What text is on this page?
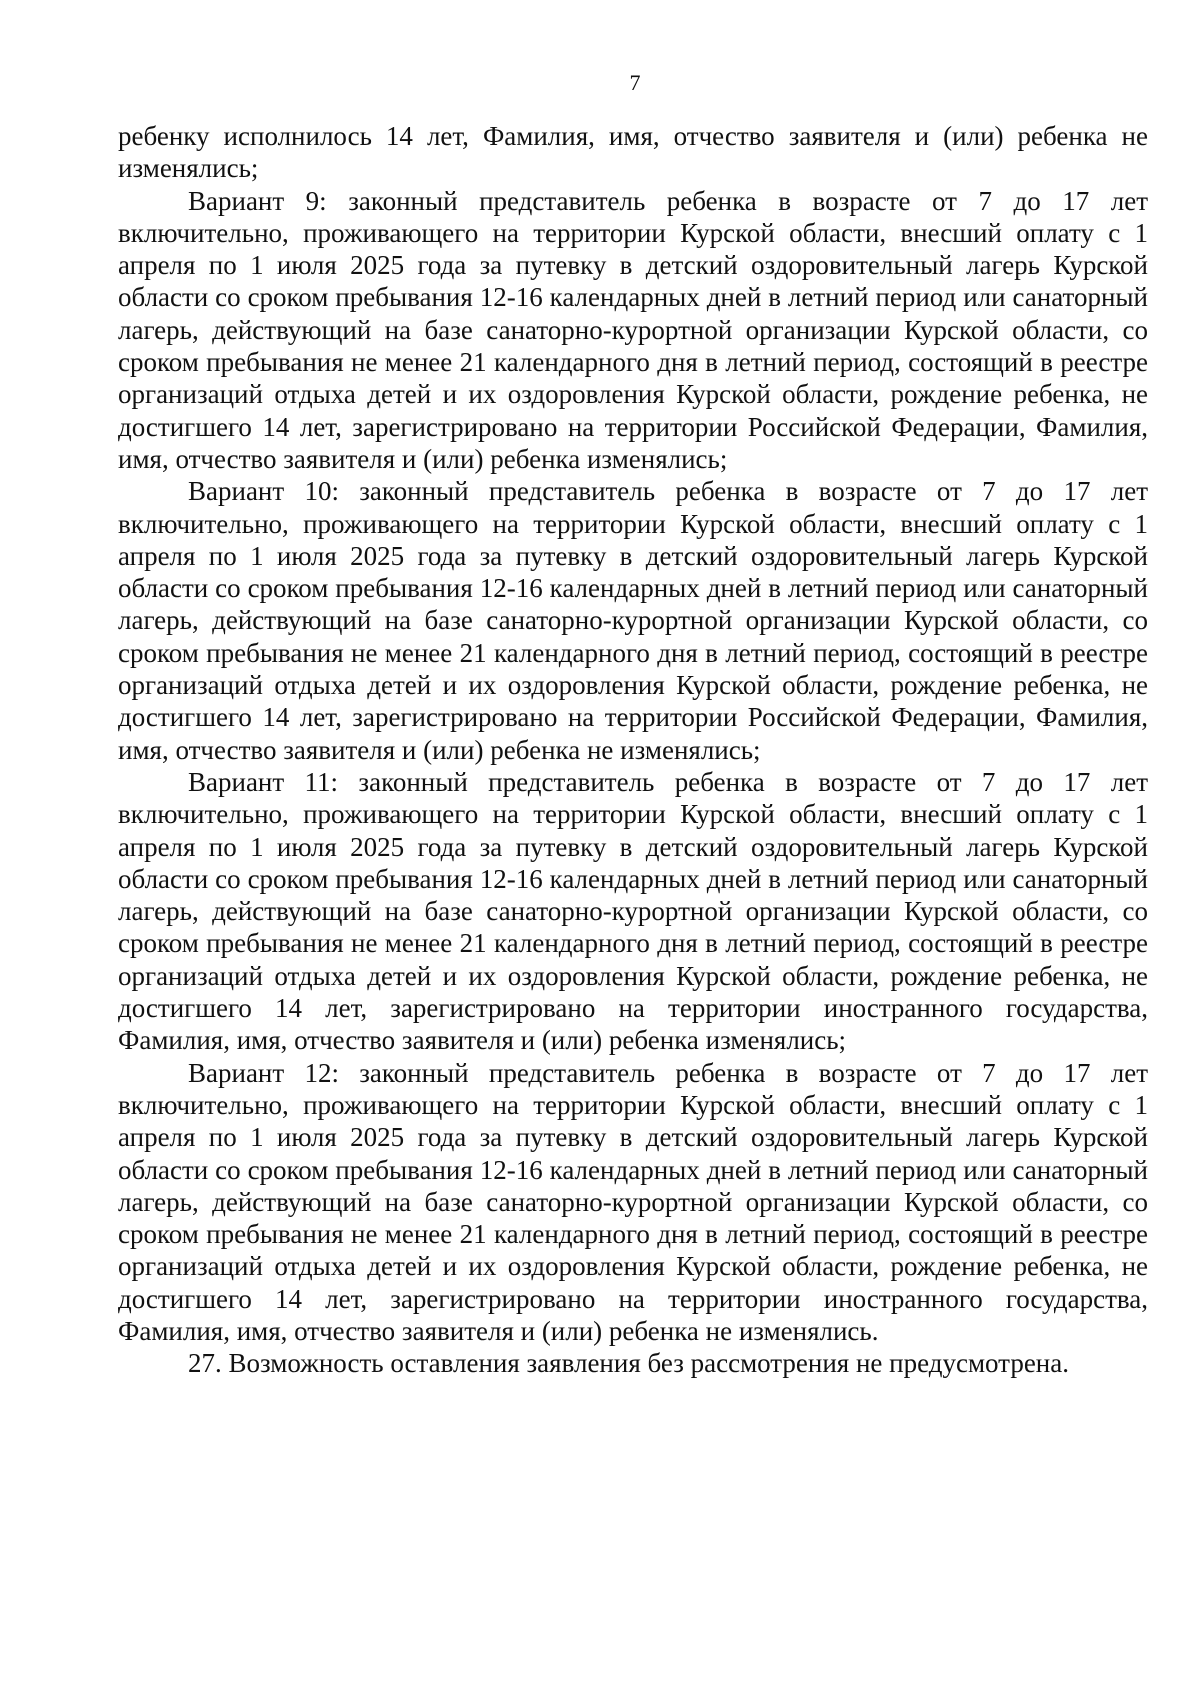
7

ребенку исполнилось 14 лет, Фамилия, имя, отчество заявителя и (или) ребенка не изменялись;

Вариант 9: законный представитель ребенка в возрасте от 7 до 17 лет включительно, проживающего на территории Курской области, внесший оплату с 1 апреля по 1 июля 2025 года за путевку в детский оздоровительный лагерь Курской области со сроком пребывания 12-16 календарных дней в летний период или санаторный лагерь, действующий на базе санаторно-курортной организации Курской области, со сроком пребывания не менее 21 календарного дня в летний период, состоящий в реестре организаций отдыха детей и их оздоровления Курской области, рождение ребенка, не достигшего 14 лет, зарегистрировано на территории Российской Федерации, Фамилия, имя, отчество заявителя и (или) ребенка изменялись;

Вариант 10: законный представитель ребенка в возрасте от 7 до 17 лет включительно, проживающего на территории Курской области, внесший оплату с 1 апреля по 1 июля 2025 года за путевку в детский оздоровительный лагерь Курской области со сроком пребывания 12-16 календарных дней в летний период или санаторный лагерь, действующий на базе санаторно-курортной организации Курской области, со сроком пребывания не менее 21 календарного дня в летний период, состоящий в реестре организаций отдыха детей и их оздоровления Курской области, рождение ребенка, не достигшего 14 лет, зарегистрировано на территории Российской Федерации, Фамилия, имя, отчество заявителя и (или) ребенка не изменялись;

Вариант 11: законный представитель ребенка в возрасте от 7 до 17 лет включительно, проживающего на территории Курской области, внесший оплату с 1 апреля по 1 июля 2025 года за путевку в детский оздоровительный лагерь Курской области со сроком пребывания 12-16 календарных дней в летний период или санаторный лагерь, действующий на базе санаторно-курортной организации Курской области, со сроком пребывания не менее 21 календарного дня в летний период, состоящий в реестре организаций отдыха детей и их оздоровления Курской области, рождение ребенка, не достигшего 14 лет, зарегистрировано на территории иностранного государства, Фамилия, имя, отчество заявителя и (или) ребенка изменялись;

Вариант 12: законный представитель ребенка в возрасте от 7 до 17 лет включительно, проживающего на территории Курской области, внесший оплату с 1 апреля по 1 июля 2025 года за путевку в детский оздоровительный лагерь Курской области со сроком пребывания 12-16 календарных дней в летний период или санаторный лагерь, действующий на базе санаторно-курортной организации Курской области, со сроком пребывания не менее 21 календарного дня в летний период, состоящий в реестре организаций отдыха детей и их оздоровления Курской области, рождение ребенка, не достигшего 14 лет, зарегистрировано на территории иностранного государства, Фамилия, имя, отчество заявителя и (или) ребенка не изменялись.

27. Возможность оставления заявления без рассмотрения не предусмотрена.
